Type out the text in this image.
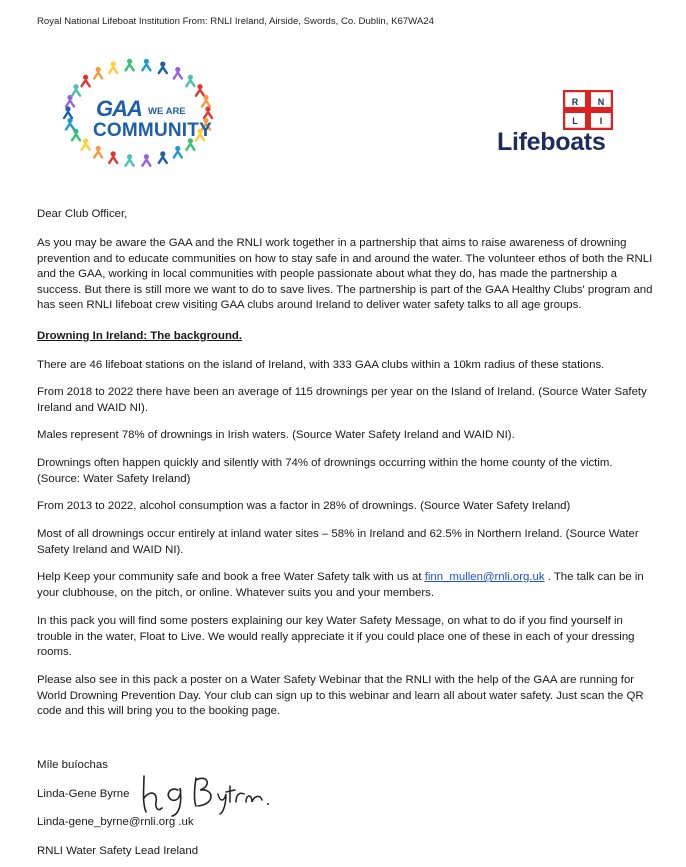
Royal National Lifeboat Institution From: RNLI Ireland, Airside, Swords, Co. Dublin, K67WA24
GAA WE ARE
COMMUNITY
R N
L I
Lifeboats
Dear Club Officer,
As you may be aware the GAA and the RNLI work together in a partnership that aims to raise awareness of drowning prevention and to educate communities on how to stay safe in and around the water. The volunteer ethos of both the RNLI and the GAA, working in local communities with people passionate about what they do, has made the partnership a success. But there is still more we want to do to save lives. The partnership is part of the GAA Healthy Clubs' program and has seen RNLI lifeboat crew visiting GAA clubs around Ireland to deliver water safety talks to all age groups.
Drowning In Ireland: The background.
There are 46 lifeboat stations on the island of Ireland, with 333 GAA clubs within a 10km radius of these stations.
From 2018 to 2022 there have been an average of 115 drownings per year on the Island of Ireland. (Source Water Safety Ireland and WAID NI).
Males represent 78% of drownings in Irish waters. (Source Water Safety Ireland and WAID NI).
Drownings often happen quickly and silently with 74% of drownings occurring within the home county of the victim. (Source: Water Safety Ireland)
From 2013 to 2022, alcohol consumption was a factor in 28% of drownings. (Source Water Safety Ireland)
Most of all drownings occur entirely at inland water sites – 58% in Ireland and 62.5% in Northern Ireland. (Source Water Safety Ireland and WAID NI).
Help Keep your community safe and book a free Water Safety talk with us at finn_mullen@rnli.org.uk . The talk can be in your clubhouse, on the pitch, or online. Whatever suits you and your members.
In this pack you will find some posters explaining our key Water Safety Message, on what to do if you find yourself in trouble in the water, Float to Live. We would really appreciate it if you could place one of these in each of your dressing rooms.
Please also see in this pack a poster on a Water Safety Webinar that the RNLI with the help of the GAA are running for World Drowning Prevention Day. Your club can sign up to this webinar and learn all about water safety. Just scan the QR code and this will bring you to the booking page.
Míle buíochas
Linda-Gene Byrne
Linda-gene_byrne@rnli.org .uk
RNLI Water Safety Lead Ireland
